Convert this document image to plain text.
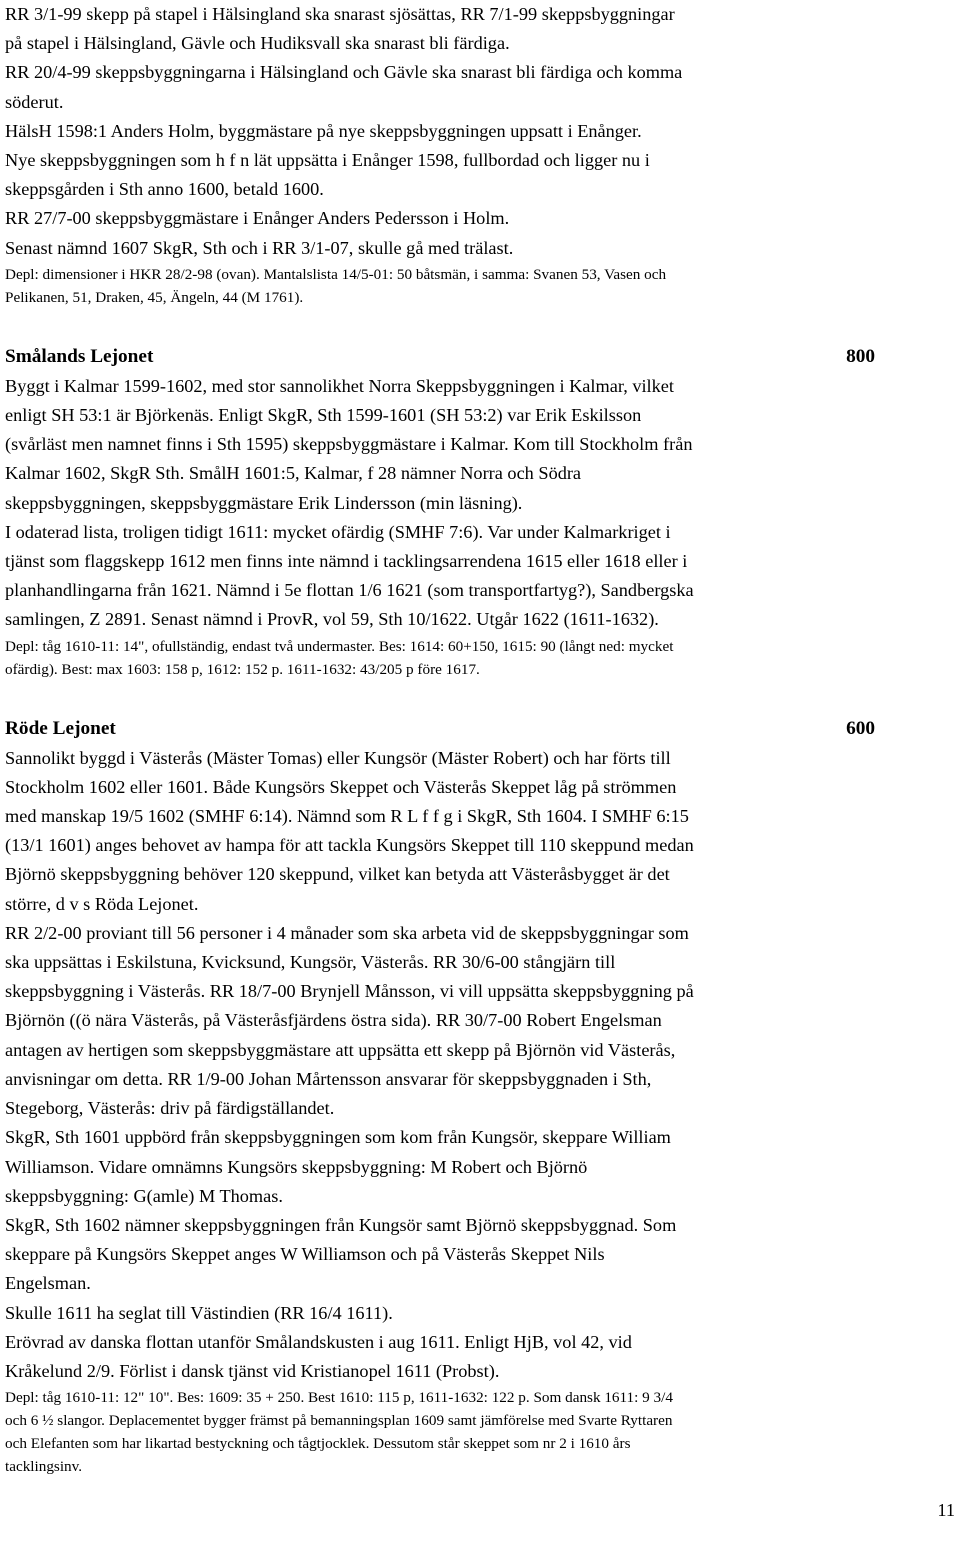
RR 3/1-99 skepp på stapel i Hälsingland ska snarast sjösättas, RR 7/1-99 skeppsbyggningar

på stapel i Hälsingland, Gävle och Hudiksvall ska snarast bli färdiga.

RR 20/4-99 skeppsbyggningarna i Hälsingland och Gävle ska snarast bli färdiga och komma

söderut.

HälsH 1598:1 Anders Holm, byggmästare på nye skeppsbyggningen uppsatt i Enånger.

Nye skeppsbyggningen som h f n lät uppsätta i Enånger 1598, fullbordad och ligger nu i

skeppsgården i Sth anno 1600, betald 1600.

RR 27/7-00 skeppsbyggmästare i Enånger Anders Pedersson i Holm.

Senast nämnd 1607 SkgR, Sth och i RR 3/1-07, skulle gå med trälast.

Depl: dimensioner i HKR 28/2-98 (ovan). Mantalslista 14/5-01: 50 båtsmän, i samma: Svanen 53, Vasen och

Pelikanen, 51, Draken, 45, Ängeln, 44 (M 1761).

Smålands Lejonet	800

Byggt i Kalmar 1599-1602, med stor sannolikhet Norra Skeppsbyggningen i Kalmar, vilket

enligt SH 53:1 är Björkenäs. Enligt SkgR, Sth 1599-1601 (SH 53:2) var Erik Eskilsson

(svårläst men namnet finns i Sth 1595) skeppsbyggmästare i Kalmar. Kom till Stockholm från

Kalmar 1602, SkgR Sth. SmålH 1601:5, Kalmar, f 28 nämner Norra och Södra

skeppsbyggningen, skeppsbyggmästare Erik Lindersson (min läsning).

I odaterad lista, troligen tidigt 1611: mycket ofärdig (SMHF 7:6). Var under Kalmarkriget i

tjänst som flaggskepp 1612 men finns inte nämnd i tacklingsarrendena 1615 eller 1618 eller i

planhandlingarna från 1621. Nämnd i 5e flottan 1/6 1621 (som transportfartyg?), Sandbergska

samlingen, Z 2891. Senast nämnd i ProvR, vol 59, Sth 10/1622. Utgår 1622 (1611-1632).

Depl: tåg 1610-11: 14", ofullständig, endast två undermaster. Bes: 1614: 60+150, 1615: 90 (långt ned: mycket

ofärdig). Best: max 1603: 158 p, 1612: 152 p. 1611-1632: 43/205 p före 1617.

Röde Lejonet	600

Sannolikt byggd i Västerås (Mäster Tomas) eller Kungsör (Mäster Robert) och har förts till

Stockholm 1602 eller 1601. Både Kungsörs Skeppet och Västerås Skeppet låg på strömmen

med manskap 19/5 1602 (SMHF 6:14). Nämnd som R L f f g i SkgR, Sth 1604. I SMHF 6:15

(13/1 1601) anges behovet av hampa för att tackla Kungsörs Skeppet till 110 skeppund medan

Björnö skeppsbyggning behöver 120 skeppund, vilket kan betyda att Västeråsbygget är det

större, d v s Röda Lejonet.

RR 2/2-00 proviant till 56 personer i 4 månader som ska arbeta vid de skeppsbyggningar som

ska uppsättas i Eskilstuna, Kvicksund, Kungsör, Västerås. RR 30/6-00 stångjärn till

skeppsbyggning i Västerås. RR 18/7-00 Brynjell Månsson, vi vill uppsätta skeppsbyggning på

Björnön ((ö nära Västerås, på Västeråsfjärdens östra sida). RR 30/7-00 Robert Engelsman

antagen av hertigen som skeppsbyggmästare att uppsätta ett skepp på Björnön vid Västerås,

anvisningar om detta. RR 1/9-00 Johan Mårtensson ansvarar för skeppsbyggnaden i Sth,

Stegeborg, Västerås: driv på färdigställandet.

SkgR, Sth 1601 uppbörd från skeppsbyggningen som kom från Kungsör, skeppare William

Williamson. Vidare omnämns Kungsörs skeppsbyggning: M Robert och Björnö

skeppsbyggning: G(amle) M Thomas.

SkgR, Sth 1602 nämner skeppsbyggningen från Kungsör samt Björnö skeppsbyggnad. Som

skeppare på Kungsörs Skeppet anges W Williamson och på Västerås Skeppet Nils

Engelsman.

Skulle 1611 ha seglat till Västindien (RR 16/4 1611).

Erövrad av danska flottan utanför Smålandskusten i aug 1611. Enligt HjB, vol 42, vid

Kråkelund 2/9. Förlist i dansk tjänst vid Kristianopel 1611 (Probst).

Depl: tåg 1610-11: 12" 10". Bes: 1609: 35 + 250. Best 1610: 115 p, 1611-1632: 122 p. Som dansk 1611: 9 3/4

och 6 ½ slangor. Deplacementet bygger främst på bemanningsplan 1609 samt jämförelse med Svarte Ryttaren

och Elefanten som har likartad bestyckning och tågtjocklek. Dessutom står skeppet som nr 2 i 1610 års

tacklingsinv.

11
